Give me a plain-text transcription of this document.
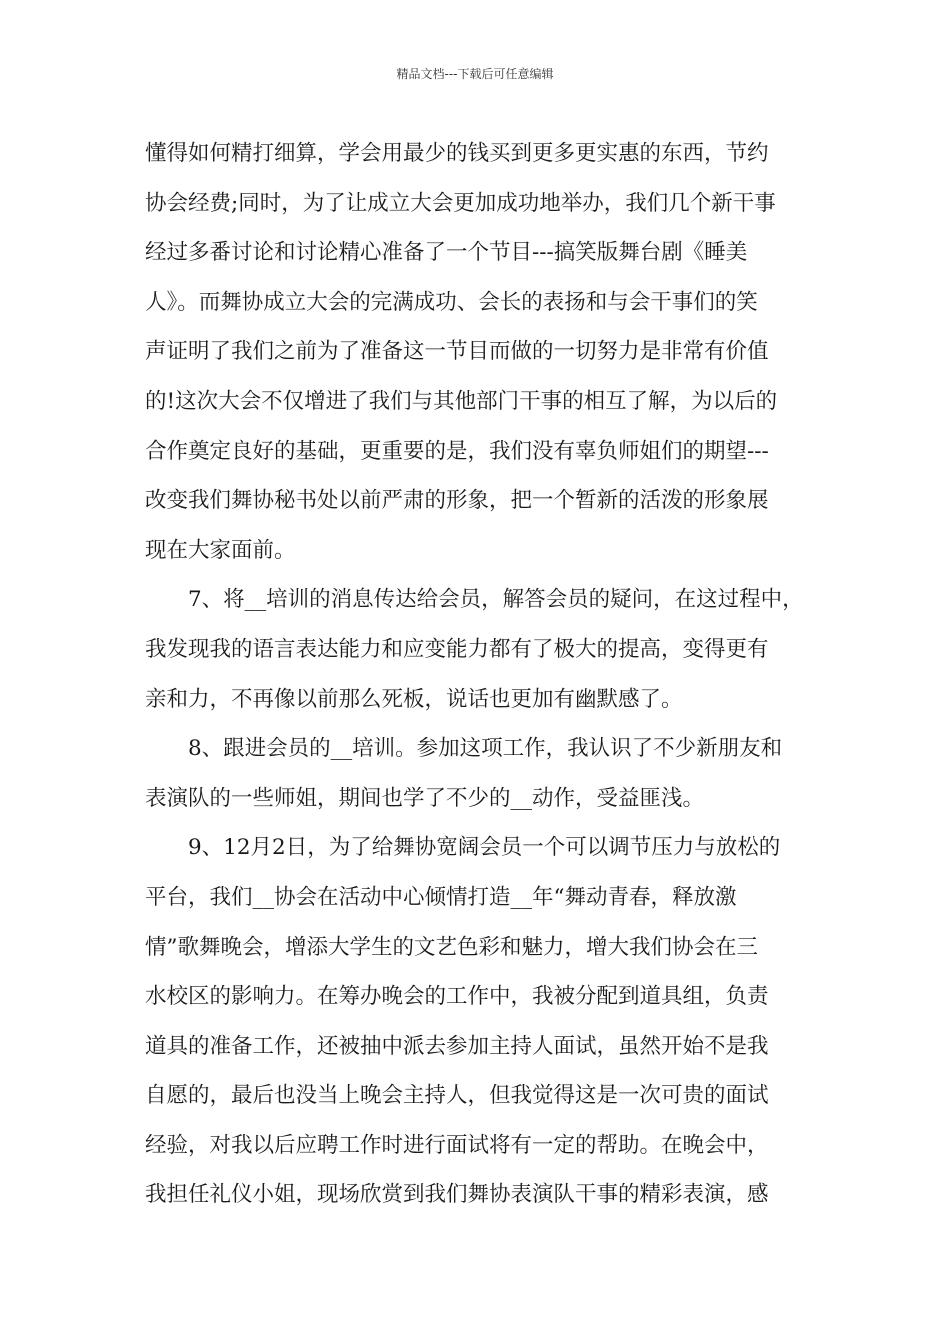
精品文档---下载后可任意编辑
懂得如何精打细算，学会用最少的钱买到更多更实惠的东西，节约
协会经费;同时，为了让成立大会更加成功地举办，我们几个新干事
经过多番讨论和讨论精心准备了一个节目---搞笑版舞台剧《睡美
人》。而舞协成立大会的完满成功、会长的表扬和与会干事们的笑
声证明了我们之前为了准备这一节目而做的一切努力是非常有价值
的!这次大会不仅增进了我们与其他部门干事的相互了解，为以后的
合作奠定良好的基础，更重要的是，我们没有辜负师姐们的期望---
改变我们舞协秘书处以前严肃的形象，把一个暂新的活泼的形象展
现在大家面前。
7、将__培训的消息传达给会员，解答会员的疑问，在这过程中，
我发现我的语言表达能力和应变能力都有了极大的提高，变得更有
亲和力，不再像以前那么死板，说话也更加有幽默感了。
8、跟进会员的__培训。参加这项工作，我认识了不少新朋友和
表演队的一些师姐，期间也学了不少的__动作，受益匪浅。
9、12月2日，为了给舞协宽阔会员一个可以调节压力与放松的
平台，我们__协会在活动中心倾情打造__年“舞动青春，释放激
情”歌舞晚会，增添大学生的文艺色彩和魅力，增大我们协会在三
水校区的影响力。在筹办晚会的工作中，我被分配到道具组，负责
道具的准备工作，还被抽中派去参加主持人面试，虽然开始不是我
自愿的，最后也没当上晚会主持人，但我觉得这是一次可贵的面试
经验，对我以后应聘工作时进行面试将有一定的帮助。在晚会中，
我担任礼仪小姐，现场欣赏到我们舞协表演队干事的精彩表演，感
